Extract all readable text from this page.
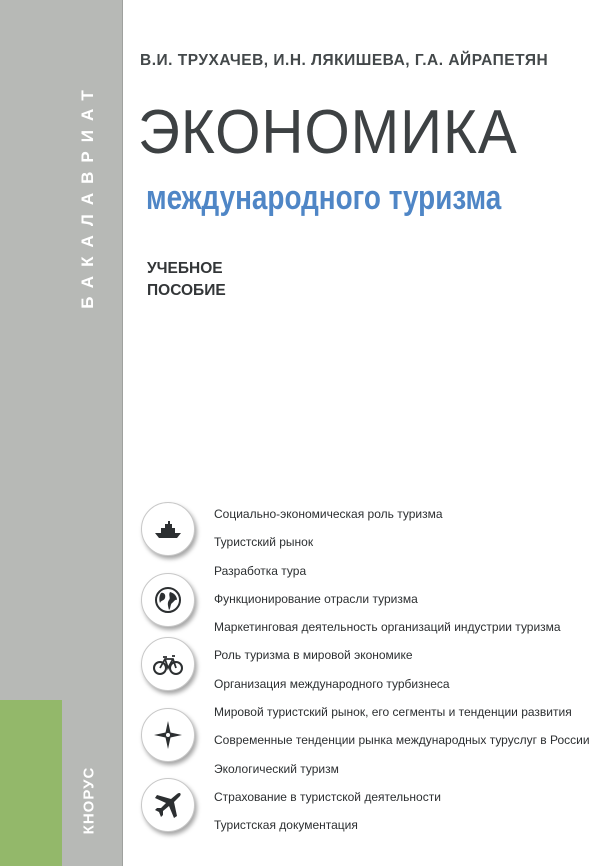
БАКАЛАВРИАТ
КНОРУС
В.И. ТРУХАЧЕВ, И.Н. ЛЯКИШЕВА, Г.А. АЙРАПЕТЯН
ЭКОНОМИКА
международного туризма
УЧЕБНОЕ
ПОСОБИЕ
Социально-экономическая роль туризма
Туристский рынок
Разработка тура
Функционирование отрасли туризма
Маркетинговая деятельность организаций индустрии туризма
Роль туризма в мировой экономике
Организация международного турбизнеса
Мировой туристский рынок, его сегменты и тенденции развития
Современные тенденции рынка международных туруслуг в России
Экологический туризм
Страхование в туристской деятельности
Туристская документация
